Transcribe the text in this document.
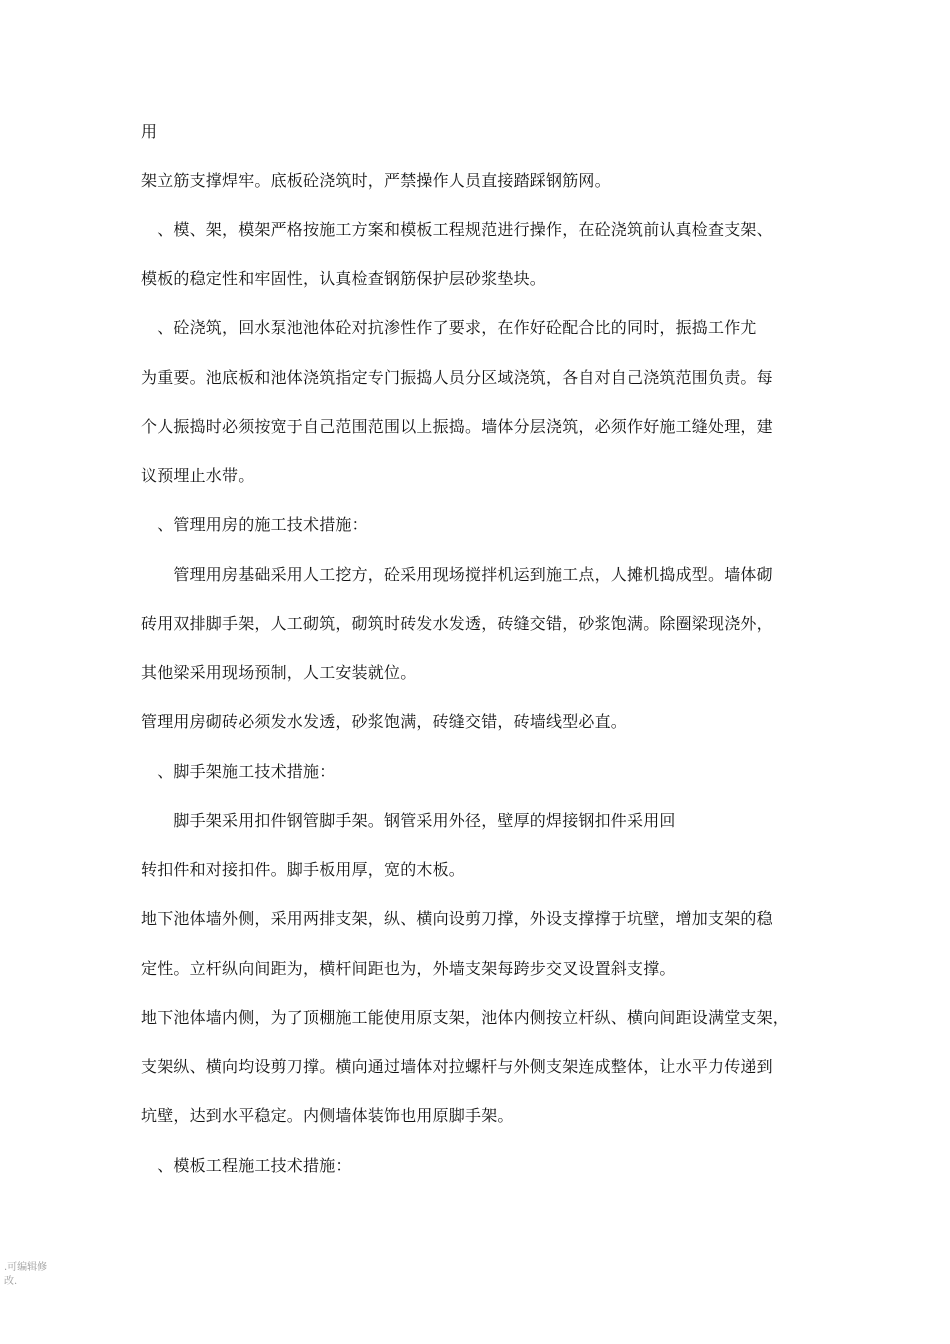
用
架立筋支撑焊牢。底板砼浇筑时，严禁操作人员直接踏踩钢筋网。
　、模、架，模架严格按施工方案和模板工程规范进行操作，在砼浇筑前认真检查支架、
模板的稳定性和牢固性，认真检查钢筋保护层砂浆垫块。
　、砼浇筑，回水泵池池体砼对抗渗性作了要求，在作好砼配合比的同时，振捣工作尤
为重要。池底板和池体浇筑指定专门振捣人员分区域浇筑，各自对自己浇筑范围负责。每
个人振捣时必须按宽于自己范围范围以上振捣。墙体分层浇筑，必须作好施工缝处理，建
议预埋止水带。
　、管理用房的施工技术措施：
　　管理用房基础采用人工挖方，砼采用现场搅拌机运到施工点，人摊机捣成型。墙体砌
砖用双排脚手架，人工砌筑，砌筑时砖发水发透，砖缝交错，砂浆饱满。除圈梁现浇外，
其他梁采用现场预制，人工安装就位。
管理用房砌砖必须发水发透，砂浆饱满，砖缝交错，砖墙线型必直。
　、脚手架施工技术措施：
　　脚手架采用扣件钢管脚手架。钢管采用外径，壁厚的焊接钢扣件采用回
转扣件和对接扣件。脚手板用厚，宽的木板。
地下池体墙外侧，采用两排支架，纵、横向设剪刀撑，外设支撑撑于坑壁，增加支架的稳
定性。立杆纵向间距为，横杆间距也为，外墙支架每跨步交叉设置斜支撑。
地下池体墙内侧，为了顶棚施工能使用原支架，池体内侧按立杆纵、横向间距设满堂支架，
支架纵、横向均设剪刀撑。横向通过墙体对拉螺杆与外侧支架连成整体，让水平力传递到
坑壁，达到水平稳定。内侧墙体装饰也用原脚手架。
　、模板工程施工技术措施：
.可编辑修
改.
